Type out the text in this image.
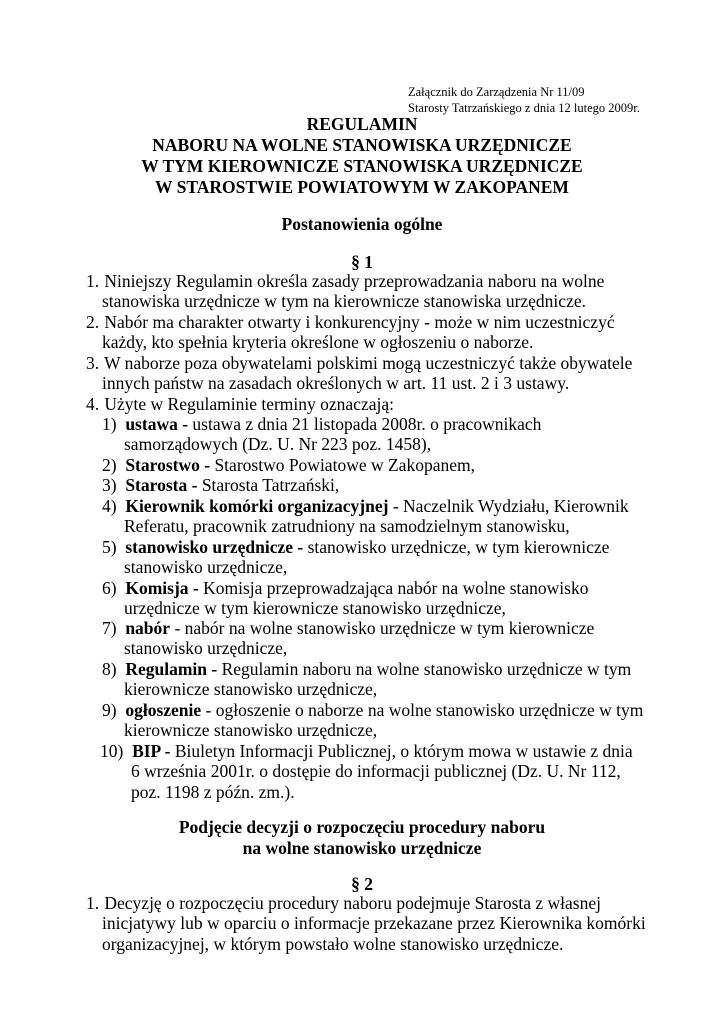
Załącznik do Zarządzenia Nr 11/09
Starosty Tatrzańskiego z dnia 12 lutego 2009r.
REGULAMIN
NABORU NA WOLNE STANOWISKA URZĘDNICZE
W TYM KIEROWNICZE STANOWISKA URZĘDNICZE
W STAROSTWIE POWIATOWYM W ZAKOPANEM
Postanowienia ogólne
§ 1
1. Niniejszy Regulamin określa zasady przeprowadzania naboru na wolne
stanowiska urzędnicze w tym na kierownicze stanowiska urzędnicze.
2. Nabór ma charakter otwarty i konkurencyjny - może w nim uczestniczyć
każdy, kto spełnia kryteria określone w ogłoszeniu o naborze.
3. W naborze poza obywatelami polskimi mogą uczestniczyć także obywatele
innych państw na zasadach określonych w art. 11 ust. 2 i 3 ustawy.
4. Użyte w Regulaminie terminy oznaczają:
1) ustawa - ustawa z dnia 21 listopada 2008r. o pracownikach
samorządowych (Dz. U. Nr 223 poz. 1458),
2) Starostwo - Starostwo Powiatowe w Zakopanem,
3) Starosta - Starosta Tatrzański,
4) Kierownik komórki organizacyjnej - Naczelnik Wydziału, Kierownik
Referatu, pracownik zatrudniony na samodzielnym stanowisku,
5) stanowisko urzędnicze - stanowisko urzędnicze, w tym kierownicze
stanowisko urzędnicze,
6) Komisja - Komisja przeprowadzająca nabór na wolne stanowisko
urzędnicze w tym kierownicze stanowisko urzędnicze,
7) nabór - nabór na wolne stanowisko urzędnicze w tym kierownicze
stanowisko urzędnicze,
8) Regulamin - Regulamin naboru na wolne stanowisko urzędnicze w tym
kierownicze stanowisko urzędnicze,
9) ogłoszenie - ogłoszenie o naborze na wolne stanowisko urzędnicze w tym
kierownicze stanowisko urzędnicze,
10) BIP - Biuletyn Informacji Publicznej, o którym mowa w ustawie z dnia
6 września 2001r. o dostępie do informacji publicznej (Dz. U. Nr 112,
poz. 1198 z późn. zm.).
Podjęcie decyzji o rozpoczęciu procedury naboru
na wolne stanowisko urzędnicze
§ 2
1. Decyzję o rozpoczęciu procedury naboru podejmuje Starosta z własnej
inicjatywy lub w oparciu o informacje przekazane przez Kierownika komórki
organizacyjnej, w którym powstało wolne stanowisko urzędnicze.
